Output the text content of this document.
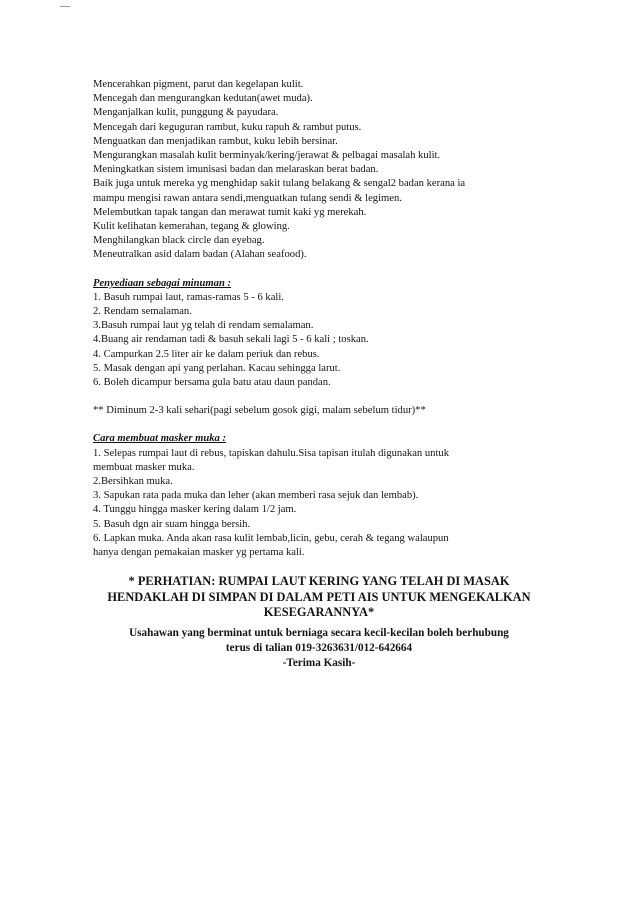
Mencerahkan pigment, parut dan kegelapan kulit.

Mencegah dan mengurangkan kedutan(awet muda).

Menganjalkan kulit, punggung & payudara.

Mencegah dari keguguran rambut, kuku rapuh & rambut putus.

Menguatkan dan menjadikan rambut, kuku lebih bersinar.

Mengurangkan masalah kulit berminyak/kering/jerawat & pelbagai masalah kulit.

Meningkatkan sistem imunisasi badan dan melaraskan berat badan.

Baik juga untuk mereka yg menghidap sakit tulang belakang & sengal2 badan kerana ia

mampu mengisi rawan antara sendi,menguatkan tulang sendi & legimen.

Melembutkan tapak tangan dan merawat tumit kaki yg merekah.

Kulit kelihatan kemerahan, tegang & glowing.

Menghilangkan black circle dan eyebag.

Meneutralkan asid dalam badan (Alahan seafood).

Penyediaan sebagai minuman :

1. Basuh rumpai laut, ramas-ramas 5 - 6 kali.

2. Rendam semalaman.

3.Basuh rumpai laut yg telah di rendam semalaman.

4.Buang air rendaman tadi & basuh sekali lagi 5 - 6 kali ; toskan.

4. Campurkan 2.5 liter air ke dalam periuk dan rebus.

5. Masak dengan api yang perlahan. Kacau sehingga larut.

6. Boleh dicampur bersama gula batu atau daun pandan.

** Diminum 2-3 kali sehari(pagi sebelum gosok gigi, malam sebelum tidur)**

Cara membuat masker muka :

1. Selepas rumpai laut di rebus, tapiskan dahulu.Sisa tapisan itulah digunakan untuk

membuat masker muka.

2.Bersihkan muka.

3. Sapukan rata pada muka dan leher (akan memberi rasa sejuk dan lembab).

4. Tunggu hingga masker kering dalam 1/2 jam.

5. Basuh dgn air suam hingga bersih.

6. Lapkan muka. Anda akan rasa kulit lembab,licin, gebu, cerah & tegang walaupun

hanya dengan pemakaian masker yg pertama kali.

* PERHATIAN: RUMPAI LAUT KERING YANG TELAH DI MASAK

HENDAKLAH DI SIMPAN DI DALAM PETI AIS UNTUK MENGEKALKAN

KESEGARANNYA*

Usahawan yang berminat untuk berniaga secara kecil-kecilan boleh berhubung

terus di talian 019-3263631/012-642664

-Terima Kasih-
